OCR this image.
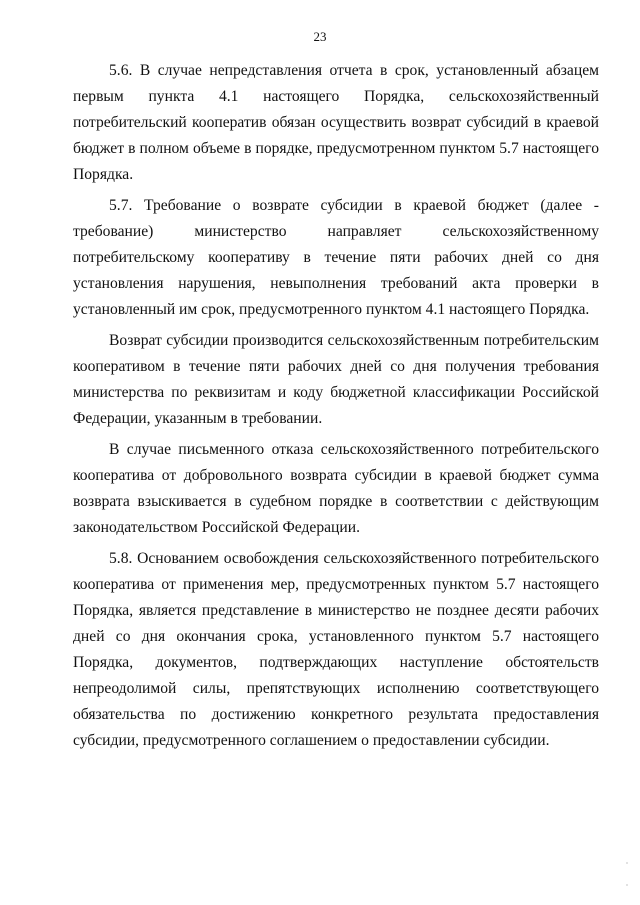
23

5.6. В случае непредставления отчета в срок, установленный абзацем первым пункта 4.1 настоящего Порядка, сельскохозяйственный потребительский кооператив обязан осуществить возврат субсидий в краевой бюджет в полном объеме в порядке, предусмотренном пунктом 5.7 настоящего Порядка.

5.7. Требование о возврате субсидии в краевой бюджет (далее - требование) министерство направляет сельскохозяйственному потребительскому кооперативу в течение пяти рабочих дней со дня установления нарушения, невыполнения требований акта проверки в установленный им срок, предусмотренного пунктом 4.1 настоящего Порядка.

Возврат субсидии производится сельскохозяйственным потребительским кооперативом в течение пяти рабочих дней со дня получения требования министерства по реквизитам и коду бюджетной классификации Российской Федерации, указанным в требовании.

В случае письменного отказа сельскохозяйственного потребительского кооператива от добровольного возврата субсидии в краевой бюджет сумма возврата взыскивается в судебном порядке в соответствии с действующим законодательством Российской Федерации.

5.8. Основанием освобождения сельскохозяйственного потребительского кооператива от применения мер, предусмотренных пунктом 5.7 настоящего Порядка, является представление в министерство не позднее десяти рабочих дней со дня окончания срока, установленного пунктом 5.7 настоящего Порядка, документов, подтверждающих наступление обстоятельств непреодолимой силы, препятствующих исполнению соответствующего обязательства по достижению конкретного результата предоставления субсидии, предусмотренного соглашением о предоставлении субсидии.
